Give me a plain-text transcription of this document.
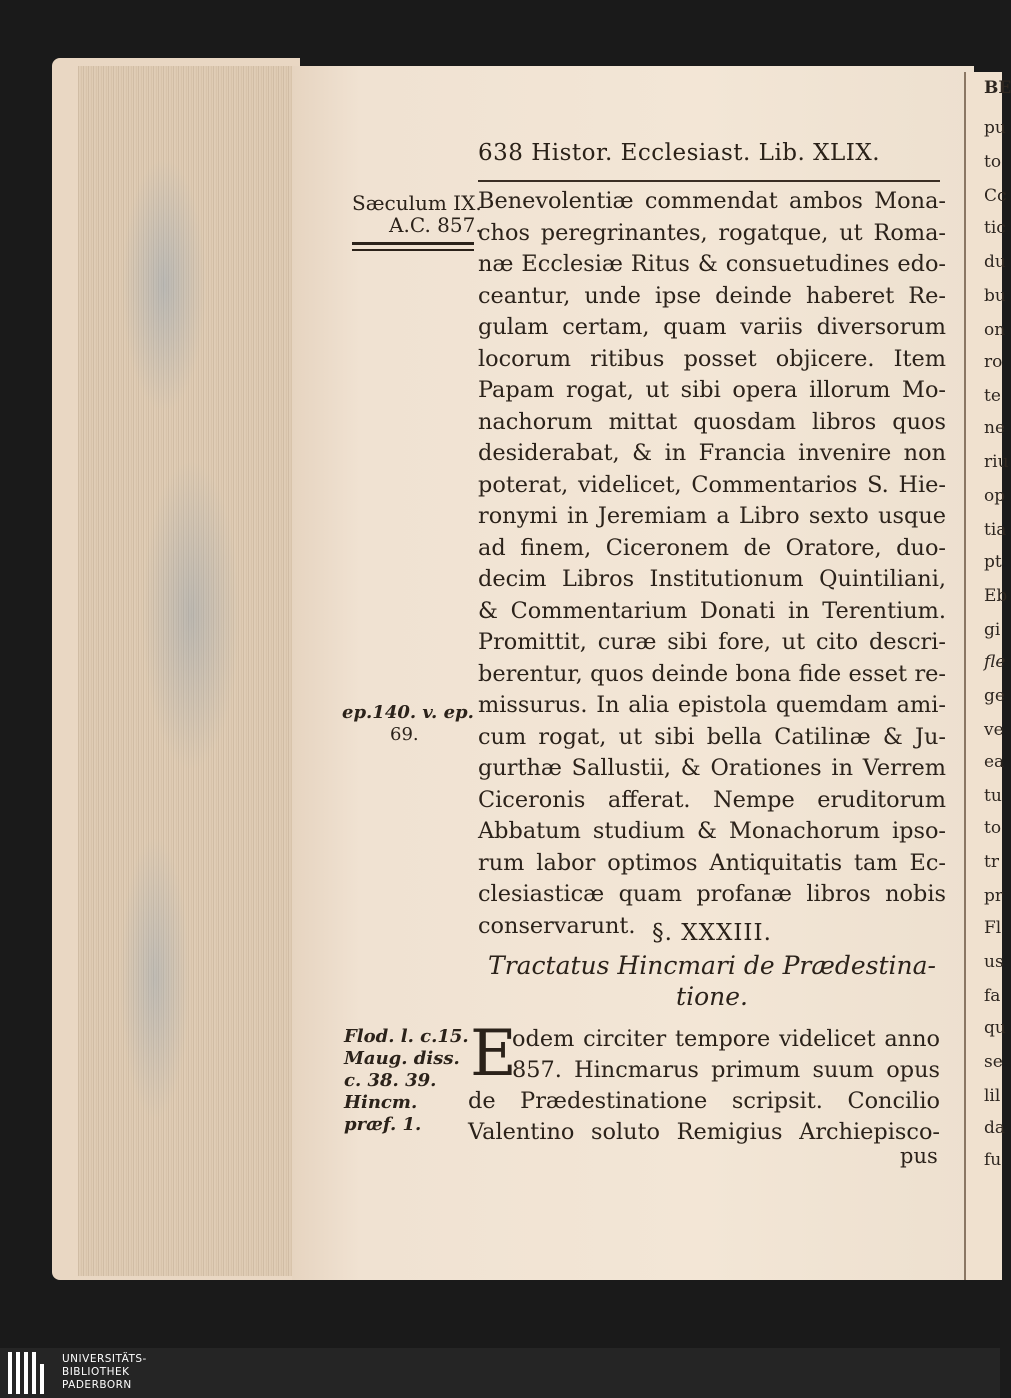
BE
pu
to
Cc
tic
du
bu
on
ro
te
ne
riu
op
tia
pt
Eb
gi
fle
ge
ve
ea
tu
to
tr
pr
Fl
us
fa
qu
se
lil
da
fu
638 Histor. Ecclesiast. Lib. XLIX.
Sæculum IX.
A.C. 857.
Benevolentiæ commendat ambos Mona-
chos peregrinantes, rogatque, ut Roma-
næ Ecclesiæ Ritus & consuetudines edo-
ceantur, unde ipse deinde haberet Re-
gulam certam, quam variis diversorum
locorum ritibus posset objicere. Item
Papam rogat, ut sibi opera illorum Mo-
nachorum mittat quosdam libros quos
desiderabat, & in Francia invenire non
poterat, videlicet, Commentarios S. Hie-
ronymi in Jeremiam a Libro sexto usque
ad finem, Ciceronem de Oratore, duo-
decim Libros Institutionum Quintiliani,
& Commentarium Donati in Terentium.
Promittit, curæ sibi fore, ut cito descri-
berentur, quos deinde bona fide esset re-
missurus. In alia epistola quemdam ami-
cum rogat, ut sibi bella Catilinæ & Ju-
gurthæ Sallustii, & Orationes in Verrem
Ciceronis afferat. Nempe eruditorum
Abbatum studium & Monachorum ipso-
rum labor optimos Antiquitatis tam Ec-
clesiasticæ quam profanæ libros nobis
conservarunt.
ep.140. v. ep.
69.
§. XXXIII.
Tractatus Hincmari de Prædestina-
tione.
Flod. l. c.15.
Maug. diss.
c. 38. 39.
Hincm.
præf. 1.
E
odem circiter tempore videlicet anno
857. Hincmarus primum suum opus
de Prædestinatione scripsit. Concilio
Valentino soluto Remigius Archiepisco-
pus
UNIVERSITÄTS-
BIBLIOTHEK
PADERBORN
